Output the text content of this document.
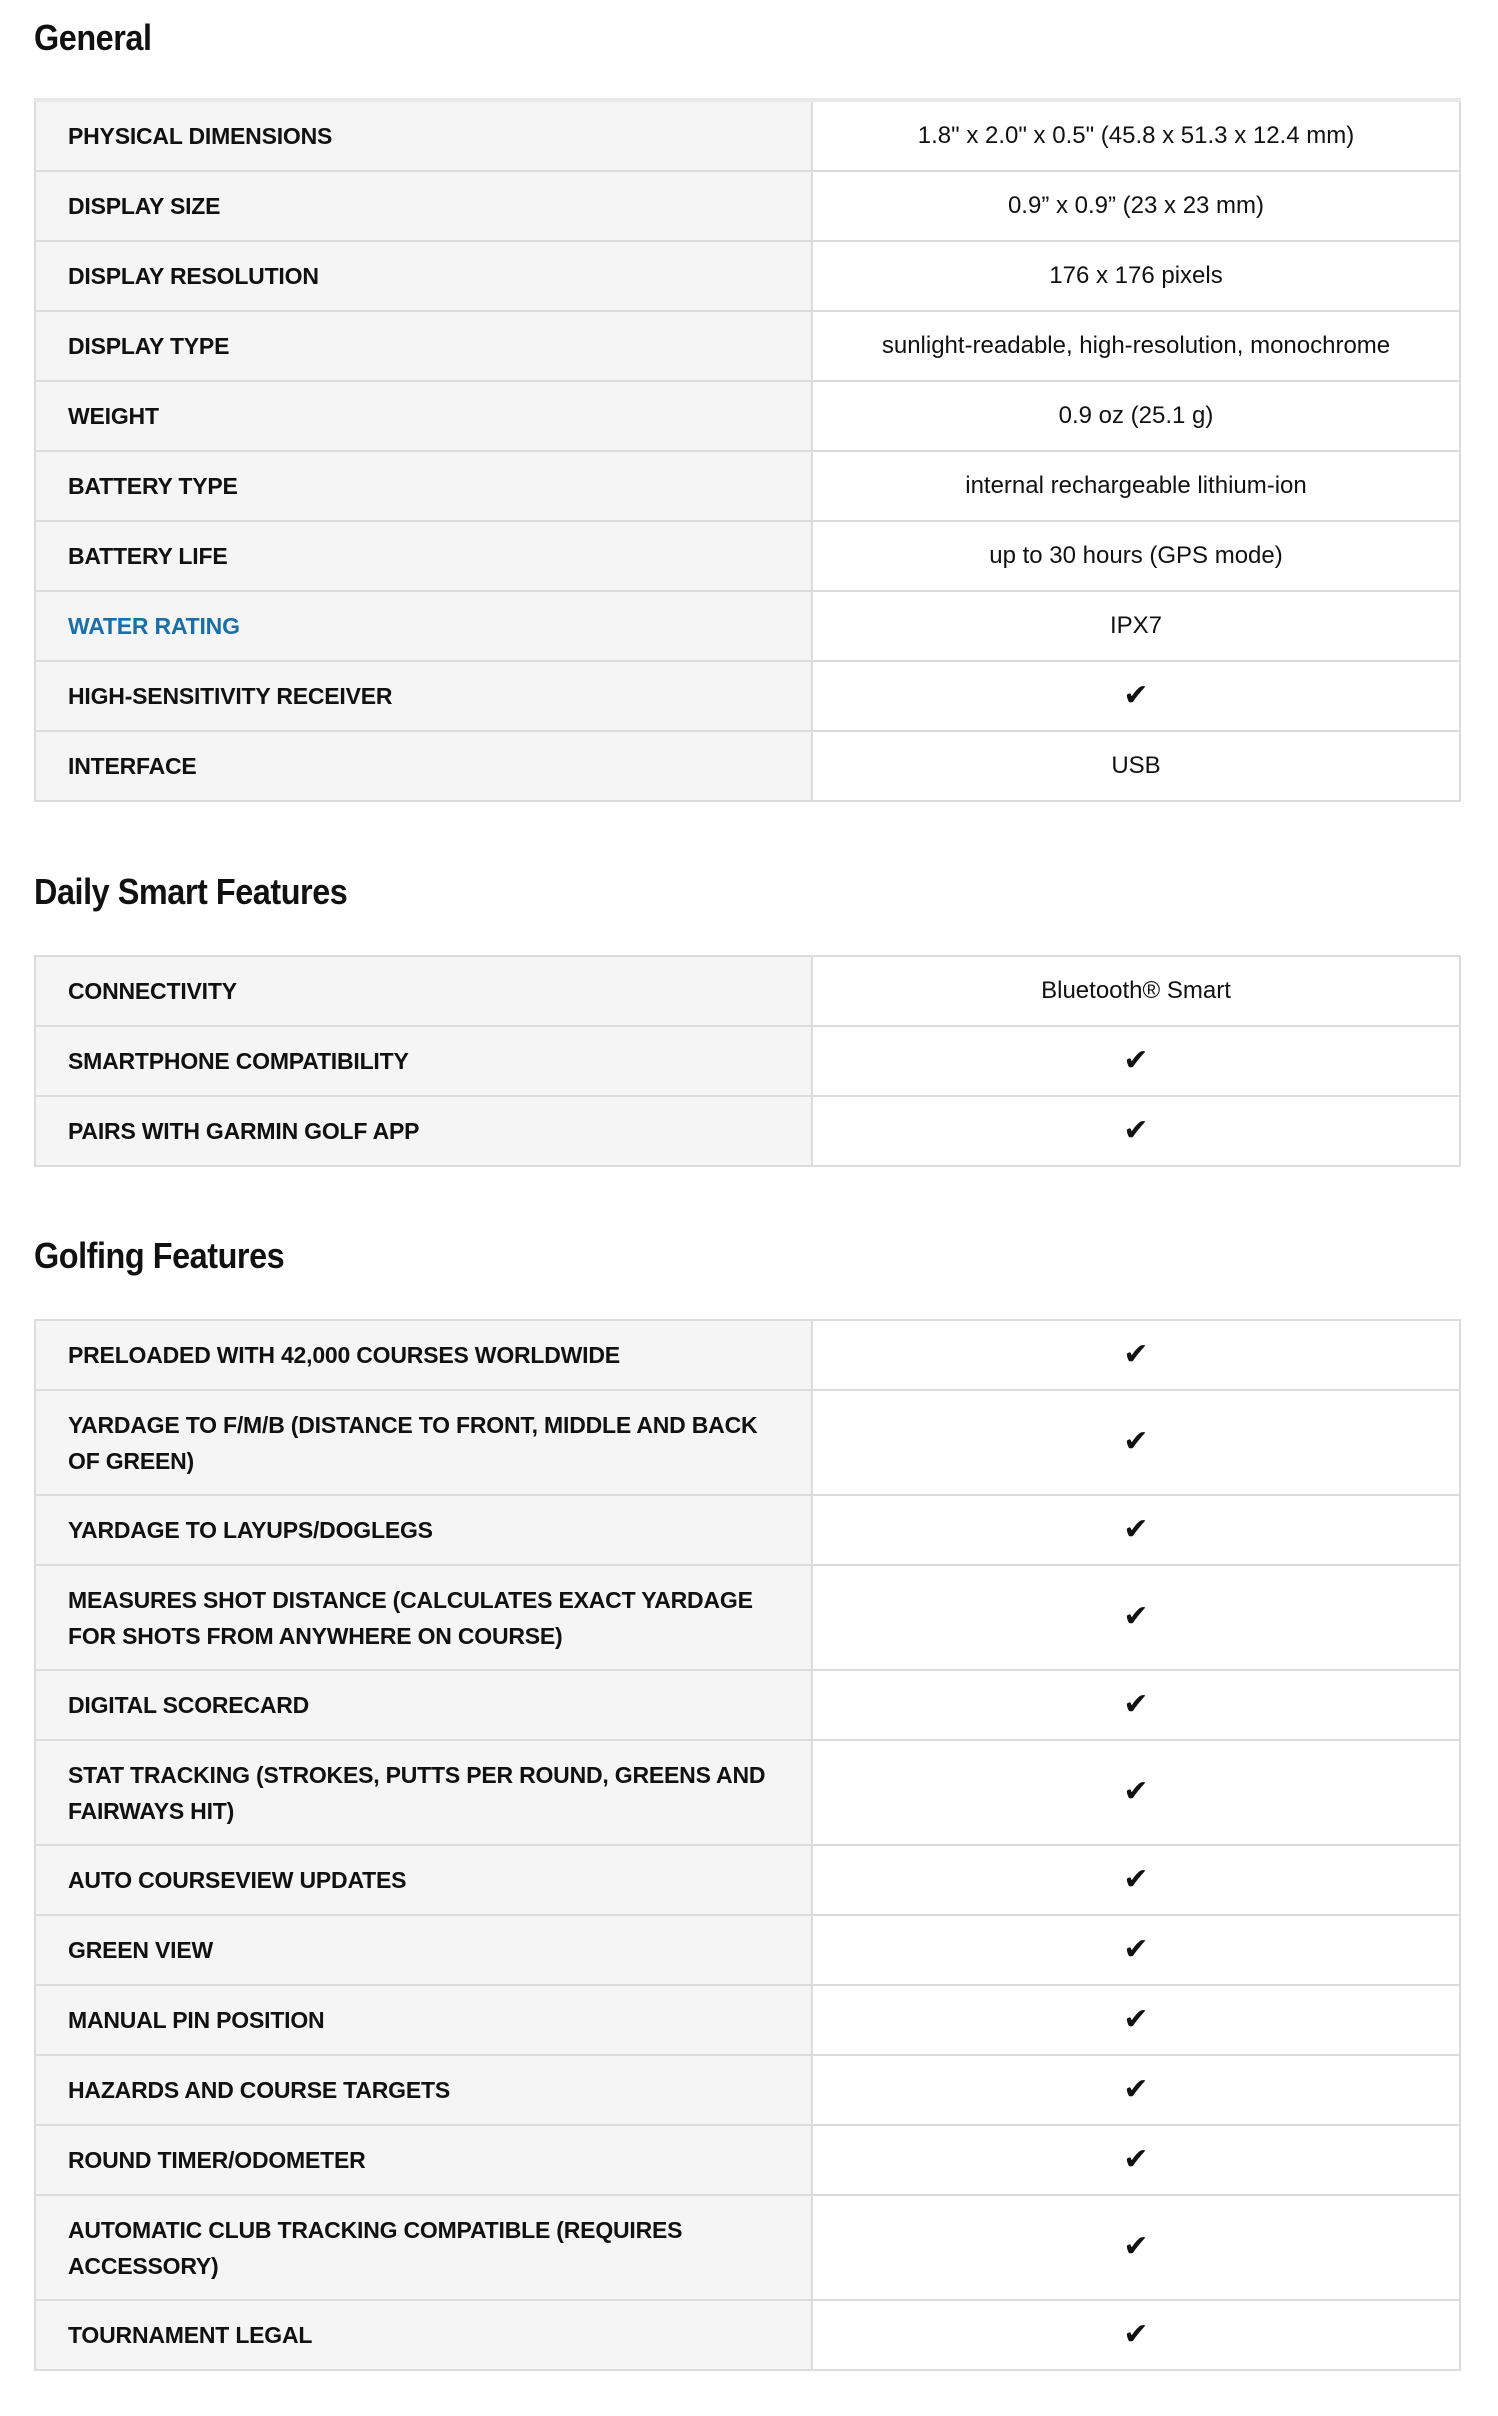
General
PHYSICAL DIMENSIONS	1.8" x 2.0" x 0.5" (45.8 x 51.3 x 12.4 mm)
DISPLAY SIZE	0.9” x 0.9” (23 x 23 mm)
DISPLAY RESOLUTION	176 x 176 pixels
DISPLAY TYPE	sunlight-readable, high-resolution, monochrome
WEIGHT	0.9 oz (25.1 g)
BATTERY TYPE	internal rechargeable lithium-ion
BATTERY LIFE	up to 30 hours (GPS mode)
WATER RATING	IPX7
HIGH-SENSITIVITY RECEIVER	✔
INTERFACE	USB
Daily Smart Features
CONNECTIVITY	Bluetooth® Smart
SMARTPHONE COMPATIBILITY	✔
PAIRS WITH GARMIN GOLF APP	✔
Golfing Features
PRELOADED WITH 42,000 COURSES WORLDWIDE	✔
YARDAGE TO F/M/B (DISTANCE TO FRONT, MIDDLE AND BACK OF GREEN)	✔
YARDAGE TO LAYUPS/DOGLEGS	✔
MEASURES SHOT DISTANCE (CALCULATES EXACT YARDAGE FOR SHOTS FROM ANYWHERE ON COURSE)	✔
DIGITAL SCORECARD	✔
STAT TRACKING (STROKES, PUTTS PER ROUND, GREENS AND FAIRWAYS HIT)	✔
AUTO COURSEVIEW UPDATES	✔
GREEN VIEW	✔
MANUAL PIN POSITION	✔
HAZARDS AND COURSE TARGETS	✔
ROUND TIMER/ODOMETER	✔
AUTOMATIC CLUB TRACKING COMPATIBLE (REQUIRES ACCESSORY)	✔
TOURNAMENT LEGAL	✔
